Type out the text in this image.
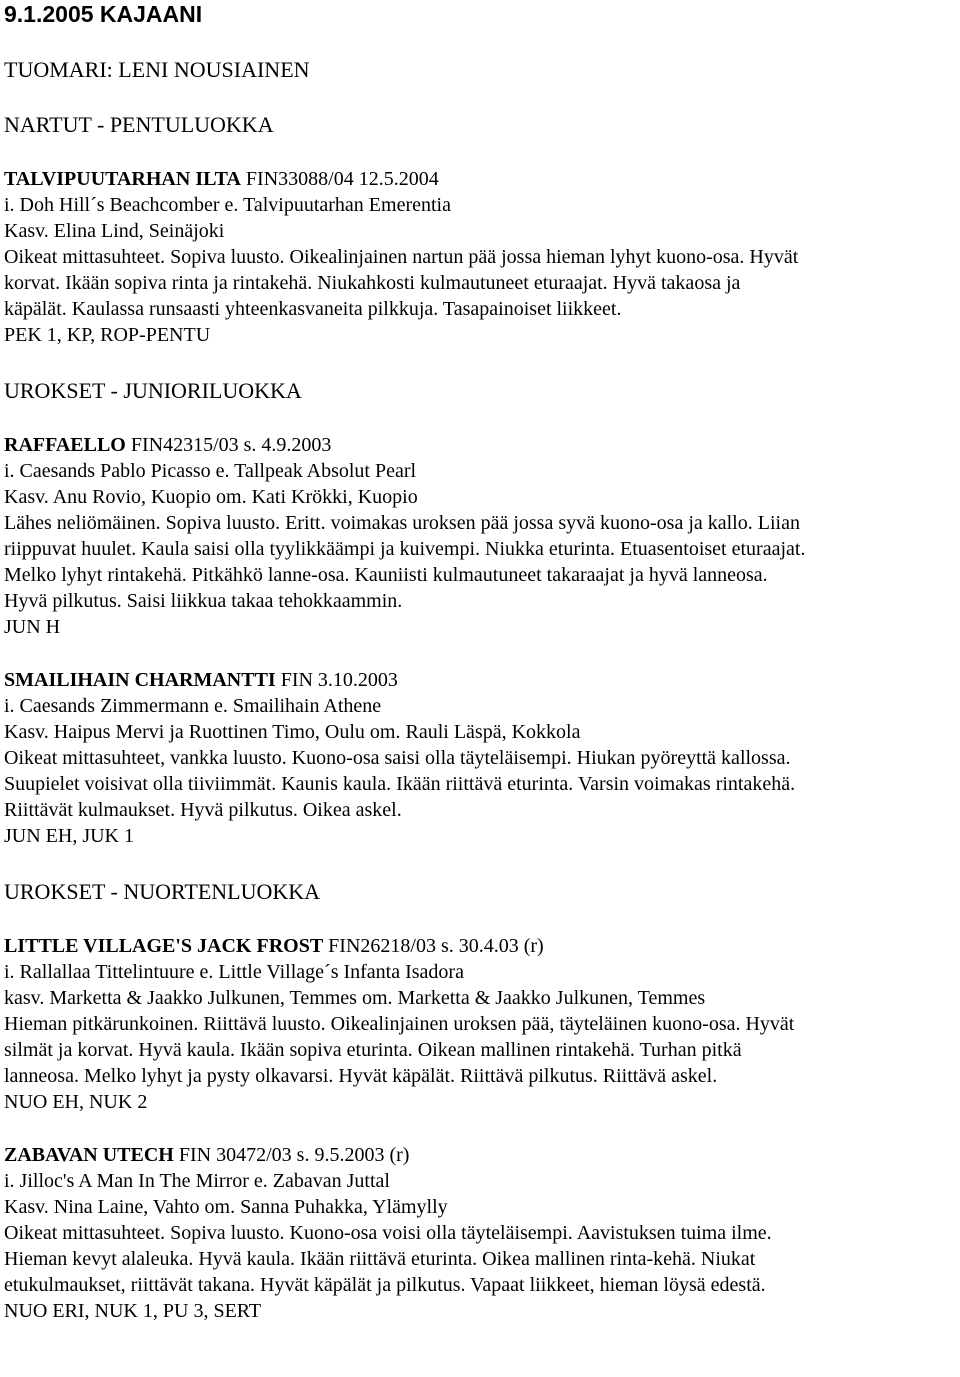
9.1.2005 KAJAANI
TUOMARI: LENI NOUSIAINEN
NARTUT - PENTULUOKKA
TALVIPUUTARHAN ILTA FIN33088/04 12.5.2004
i. Doh Hill´s Beachcomber e. Talvipuutarhan Emerentia
Kasv. Elina Lind, Seinäjoki
Oikeat mittasuhteet. Sopiva luusto. Oikealinjainen nartun pää jossa hieman lyhyt kuono-osa. Hyvät
korvat. Ikään sopiva rinta ja rintakehä. Niukahkosti kulmautuneet eturaajat. Hyvä takaosa ja
käpälät. Kaulassa runsaasti yhteenkasvaneita pilkkuja. Tasapainoiset liikkeet.
PEK 1, KP, ROP-PENTU
UROKSET - JUNIORILUOKKA
RAFFAELLO FIN42315/03 s. 4.9.2003
i. Caesands Pablo Picasso e. Tallpeak Absolut Pearl
Kasv. Anu Rovio, Kuopio om. Kati Krökki, Kuopio
Lähes neliömäinen. Sopiva luusto. Eritt. voimakas uroksen pää jossa syvä kuono-osa ja kallo. Liian
riippuvat huulet. Kaula saisi olla tyylikkäämpi ja kuivempi. Niukka eturinta. Etuasentoiset eturaajat.
Melko lyhyt rintakehä. Pitkähkö lanne-osa. Kauniisti kulmautuneet takaraajat ja hyvä lanneosa.
Hyvä pilkutus. Saisi liikkua takaa tehokkaammin.
JUN H
SMAILIHAIN CHARMANTTI FIN 3.10.2003
i. Caesands Zimmermann e. Smailihain Athene
Kasv. Haipus Mervi ja Ruottinen Timo, Oulu om. Rauli Läspä, Kokkola
Oikeat mittasuhteet, vankka luusto. Kuono-osa saisi olla täyteläisempi. Hiukan pyöreyttä kallossa.
Suupielet voisivat olla tiiviimmät. Kaunis kaula. Ikään riittävä eturinta. Varsin voimakas rintakehä.
Riittävät kulmaukset. Hyvä pilkutus. Oikea askel.
JUN EH, JUK 1
UROKSET - NUORTENLUOKKA
LITTLE VILLAGE'S JACK FROST FIN26218/03 s. 30.4.03 (r)
i. Rallallaa Tittelintuure e. Little Village´s Infanta Isadora
kasv. Marketta & Jaakko Julkunen, Temmes om. Marketta & Jaakko Julkunen, Temmes
Hieman pitkärunkoinen. Riittävä luusto. Oikealinjainen uroksen pää, täyteläinen kuono-osa. Hyvät
silmät ja korvat. Hyvä kaula. Ikään sopiva eturinta. Oikean mallinen rintakehä. Turhan pitkä
lanneosa. Melko lyhyt ja pysty olkavarsi. Hyvät käpälät. Riittävä pilkutus. Riittävä askel.
NUO EH, NUK 2
ZABAVAN UTECH FIN 30472/03 s. 9.5.2003 (r)
i. Jilloc's A Man In The Mirror e. Zabavan Juttal
Kasv. Nina Laine, Vahto om. Sanna Puhakka, Ylämylly
Oikeat mittasuhteet. Sopiva luusto. Kuono-osa voisi olla täyteläisempi. Aavistuksen tuima ilme.
Hieman kevyt alaleuka. Hyvä kaula. Ikään riittävä eturinta. Oikea mallinen rinta-kehä. Niukat
etukulmaukset, riittävät takana. Hyvät käpälät ja pilkutus. Vapaat liikkeet, hieman löysä edestä.
NUO ERI, NUK 1, PU 3, SERT
